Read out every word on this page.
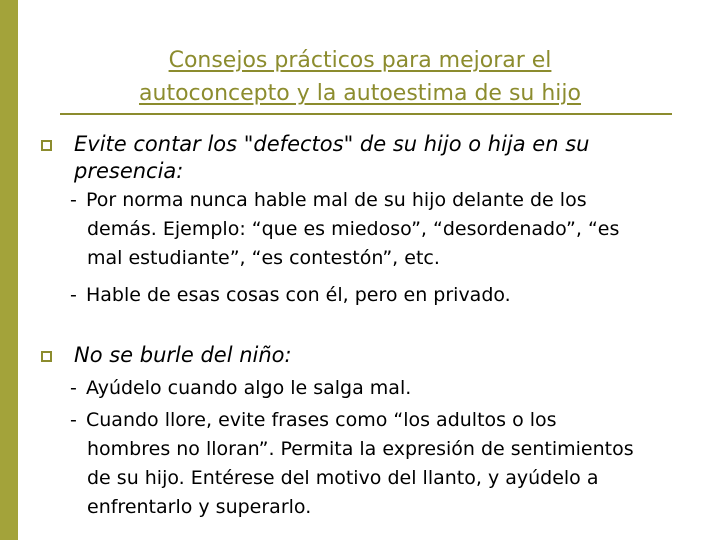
Consejos prácticos para mejorar el
autoconcepto y la autoestima de su hijo
Evite contar los "defectos" de su hijo o hija en su
presencia:
- Por norma nunca hable mal de su hijo delante de los
demás. Ejemplo: “que es miedoso”, “desordenado”, “es
mal estudiante”, “es contestón”, etc.
- Hable de esas cosas con él, pero en privado.
No se burle del niño:
- Ayúdelo cuando algo le salga mal.
- Cuando llore, evite frases como “los adultos o los
hombres no lloran”. Permita la expresión de sentimientos
de su hijo. Entérese del motivo del llanto, y ayúdelo a
enfrentarlo y superarlo.
